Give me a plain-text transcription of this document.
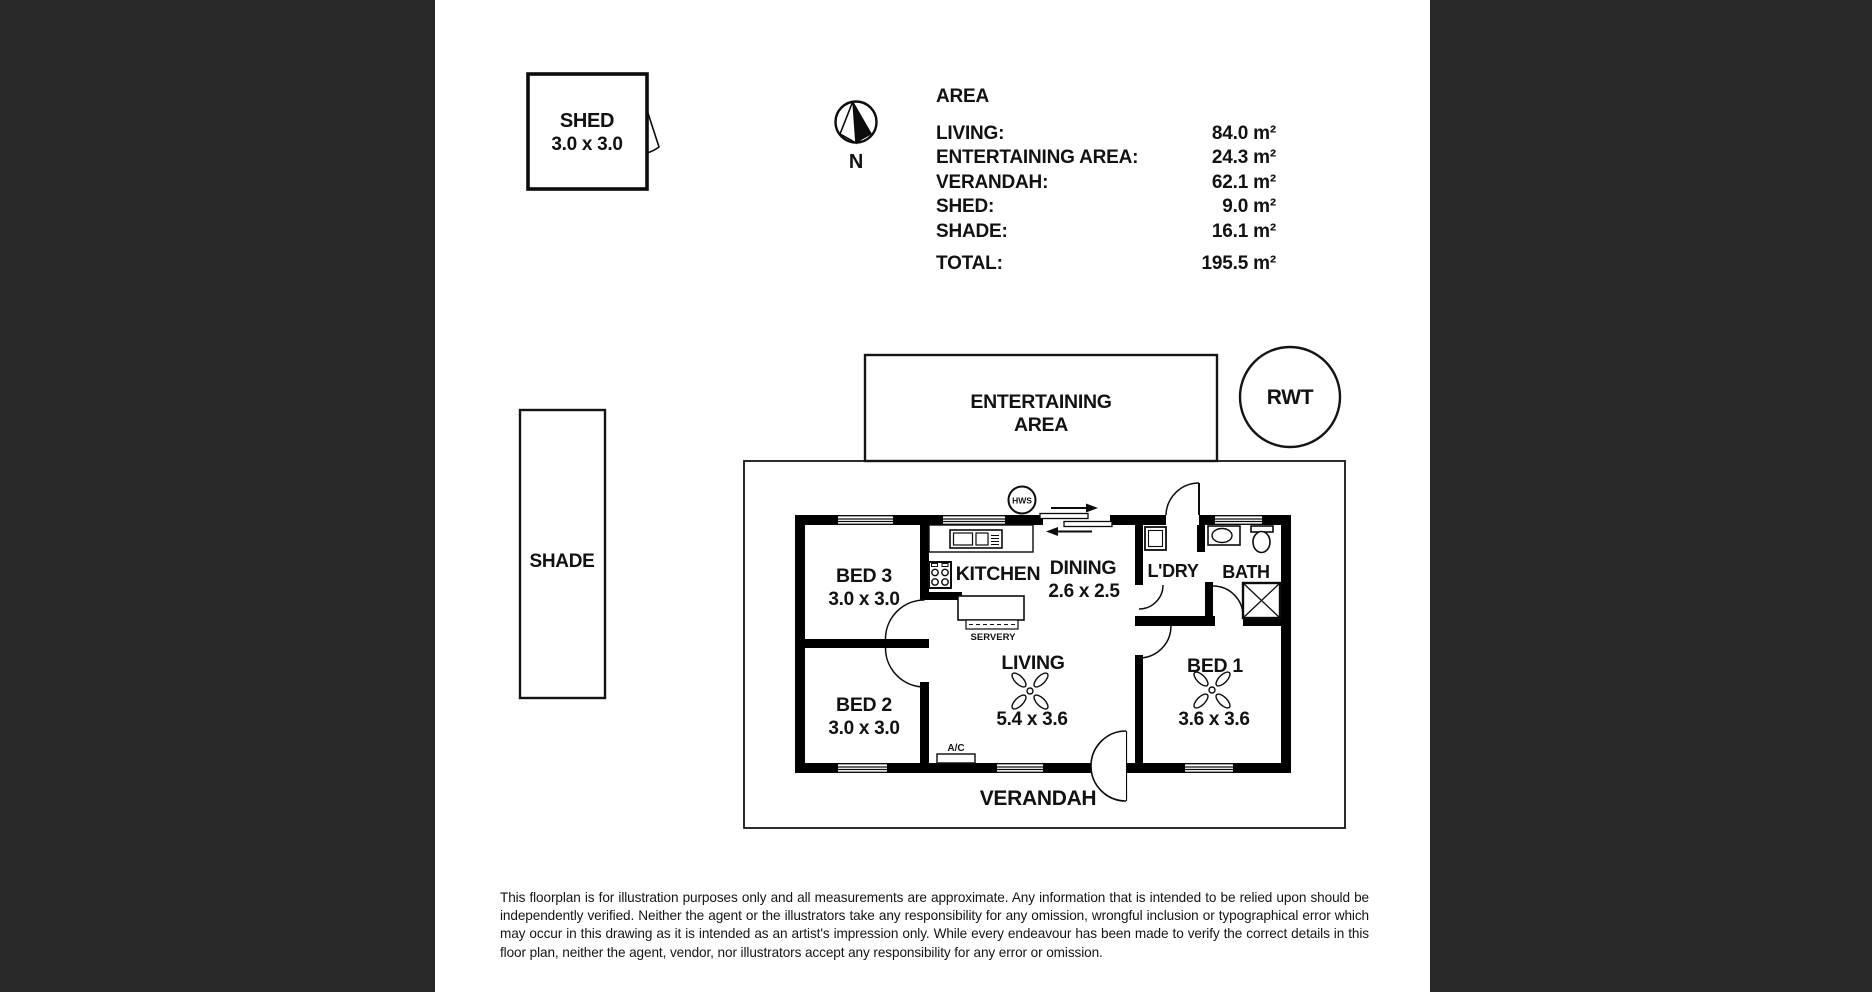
SHED
3.0 x 3.0
N
SHADE
VERANDAH
ENTERTAINING
AREA
RWT
SERVERY
HWS
A/C
BED 3
3.0 x 3.0
KITCHEN DINING
2.6 x 2.5
L'DRY BATH
BED 2
3.0 x 3.0
LIVING
5.4 x 3.6
BED 1
3.6 x 3.6
AREA
LIVING:	84.0 m²
ENTERTAINING AREA:	24.3 m²
VERANDAH:	62.1 m²
SHED:	9.0 m²
SHADE:	16.1 m²
TOTAL:	195.5 m²
This floorplan is for illustration purposes only and all measurements are approximate. Any information that is intended to be relied upon should be independently verified. Neither the agent or the illustrators take any responsibility for any omission, wrongful inclusion or typographical error which may occur in this drawing as it is intended as an artist's impression only. While every endeavour has been made to verify the correct details in this floor plan, neither the agent, vendor, nor illustrators accept any responsibility for any error or omission.
